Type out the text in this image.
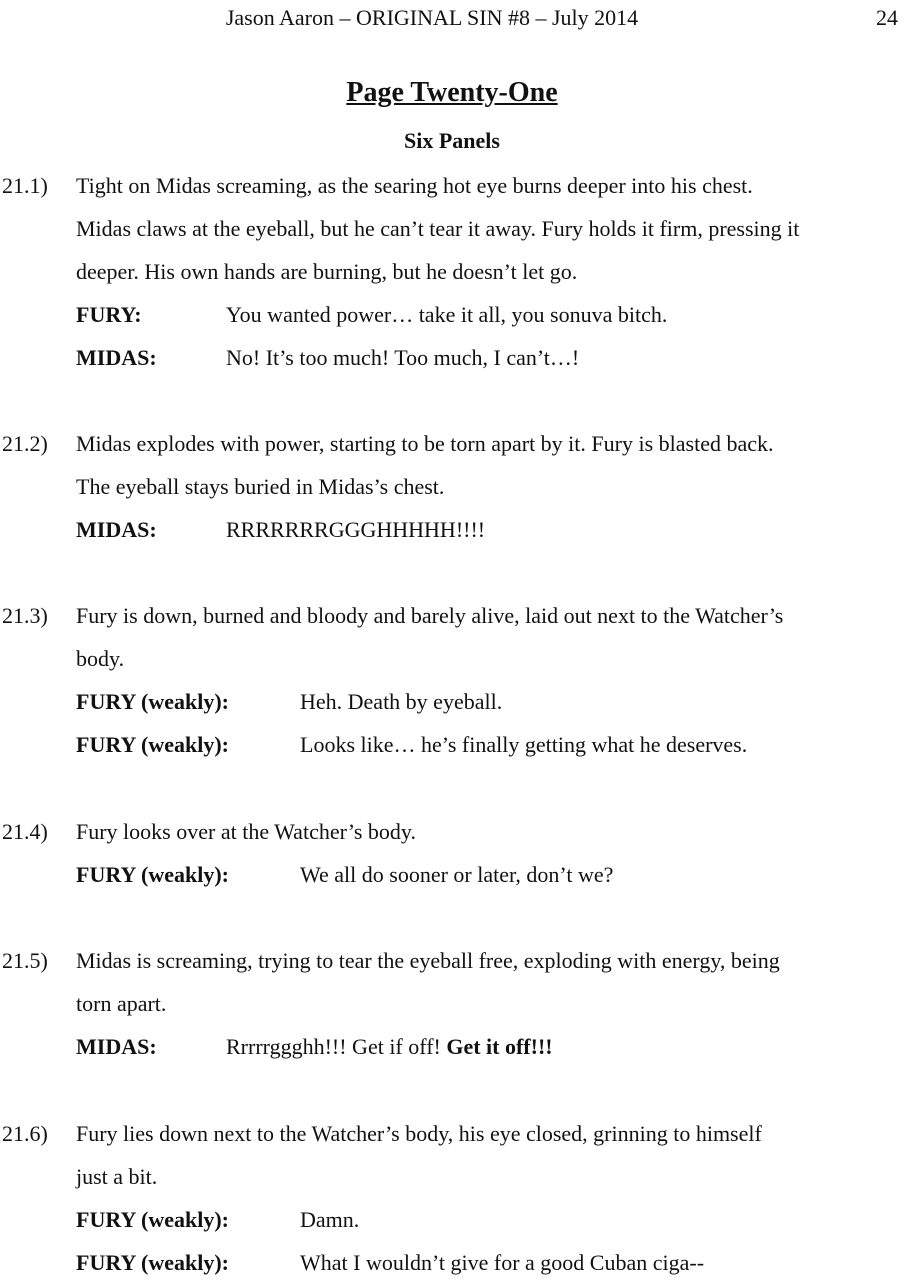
Jason Aaron – ORIGINAL SIN #8 – July 2014	24
Page Twenty-One
Six Panels
21.1) Tight on Midas screaming, as the searing hot eye burns deeper into his chest.
Midas claws at the eyeball, but he can’t tear it away. Fury holds it firm, pressing it
deeper. His own hands are burning, but he doesn’t let go.
FURY:	You wanted power… take it all, you sonuva bitch.
MIDAS:	No! It’s too much! Too much, I can’t…!
21.2) Midas explodes with power, starting to be torn apart by it. Fury is blasted back.
The eyeball stays buried in Midas’s chest.
MIDAS:	RRRRRRRGGGHHHHH!!!!
21.3) Fury is down, burned and bloody and barely alive, laid out next to the Watcher’s
body.
FURY (weakly):	Heh. Death by eyeball.
FURY (weakly):	Looks like… he’s finally getting what he deserves.
21.4) Fury looks over at the Watcher’s body.
FURY (weakly):	We all do sooner or later, don’t we?
21.5) Midas is screaming, trying to tear the eyeball free, exploding with energy, being
torn apart.
MIDAS:	Rrrrrggghh!!! Get if off! Get it off!!!
21.6) Fury lies down next to the Watcher’s body, his eye closed, grinning to himself
just a bit.
FURY (weakly):	Damn.
FURY (weakly):	What I wouldn’t give for a good Cuban ciga--
